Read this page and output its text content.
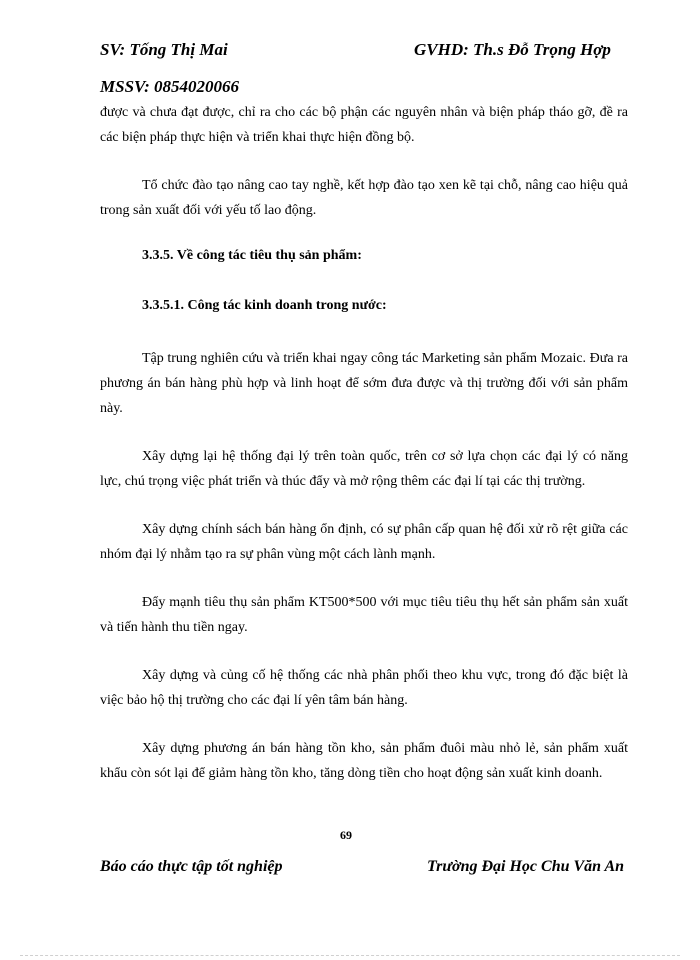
SV: Tống Thị Mai	GVHD: Th.s Đỗ Trọng Hợp
MSSV: 0854020066

được và chưa đạt được, chỉ ra cho các bộ phận các nguyên nhân và biện pháp tháo gỡ, đề ra các biện pháp thực hiện và triển khai thực hiện đồng bộ.

Tổ chức đào tạo nâng cao tay nghề, kết hợp đào tạo xen kẽ tại chỗ, nâng cao hiệu quả trong sản xuất đối với yếu tố lao động.

3.3.5. Về công tác tiêu thụ sản phẩm:
3.3.5.1. Công tác kinh doanh trong nước:

Tập trung nghiên cứu và triển khai ngay công tác Marketing sản phẩm Mozaic. Đưa ra phương án bán hàng phù hợp và linh hoạt để sớm đưa được và thị trường đối với sản phẩm này.

Xây dựng lại hệ thống đại lý trên toàn quốc, trên cơ sở lựa chọn các đại lý có năng lực, chú trọng việc phát triển và thúc đẩy và mở rộng thêm các đại lí tại các thị trường.

Xây dựng chính sách bán hàng ổn định, có sự phân cấp quan hệ đối xử rõ rệt giữa các nhóm đại lý nhằm tạo ra sự phân vùng một cách lành mạnh.

Đẩy mạnh tiêu thụ sản phẩm KT500*500 với mục tiêu tiêu thụ hết sản phẩm sản xuất và tiến hành thu tiền ngay.

Xây dựng và củng cố hệ thống các nhà phân phối theo khu vực, trong đó đặc biệt là việc bảo hộ thị trường cho các đại lí yên tâm bán hàng.

Xây dựng phương án bán hàng tồn kho, sản phẩm đuôi màu nhỏ lẻ, sản phẩm xuất khẩu còn sót lại để giảm hàng tồn kho, tăng dòng tiền cho hoạt động sản xuất kinh doanh.

69
Báo cáo thực tập tốt nghiệp	Trường Đại Học Chu Văn An
